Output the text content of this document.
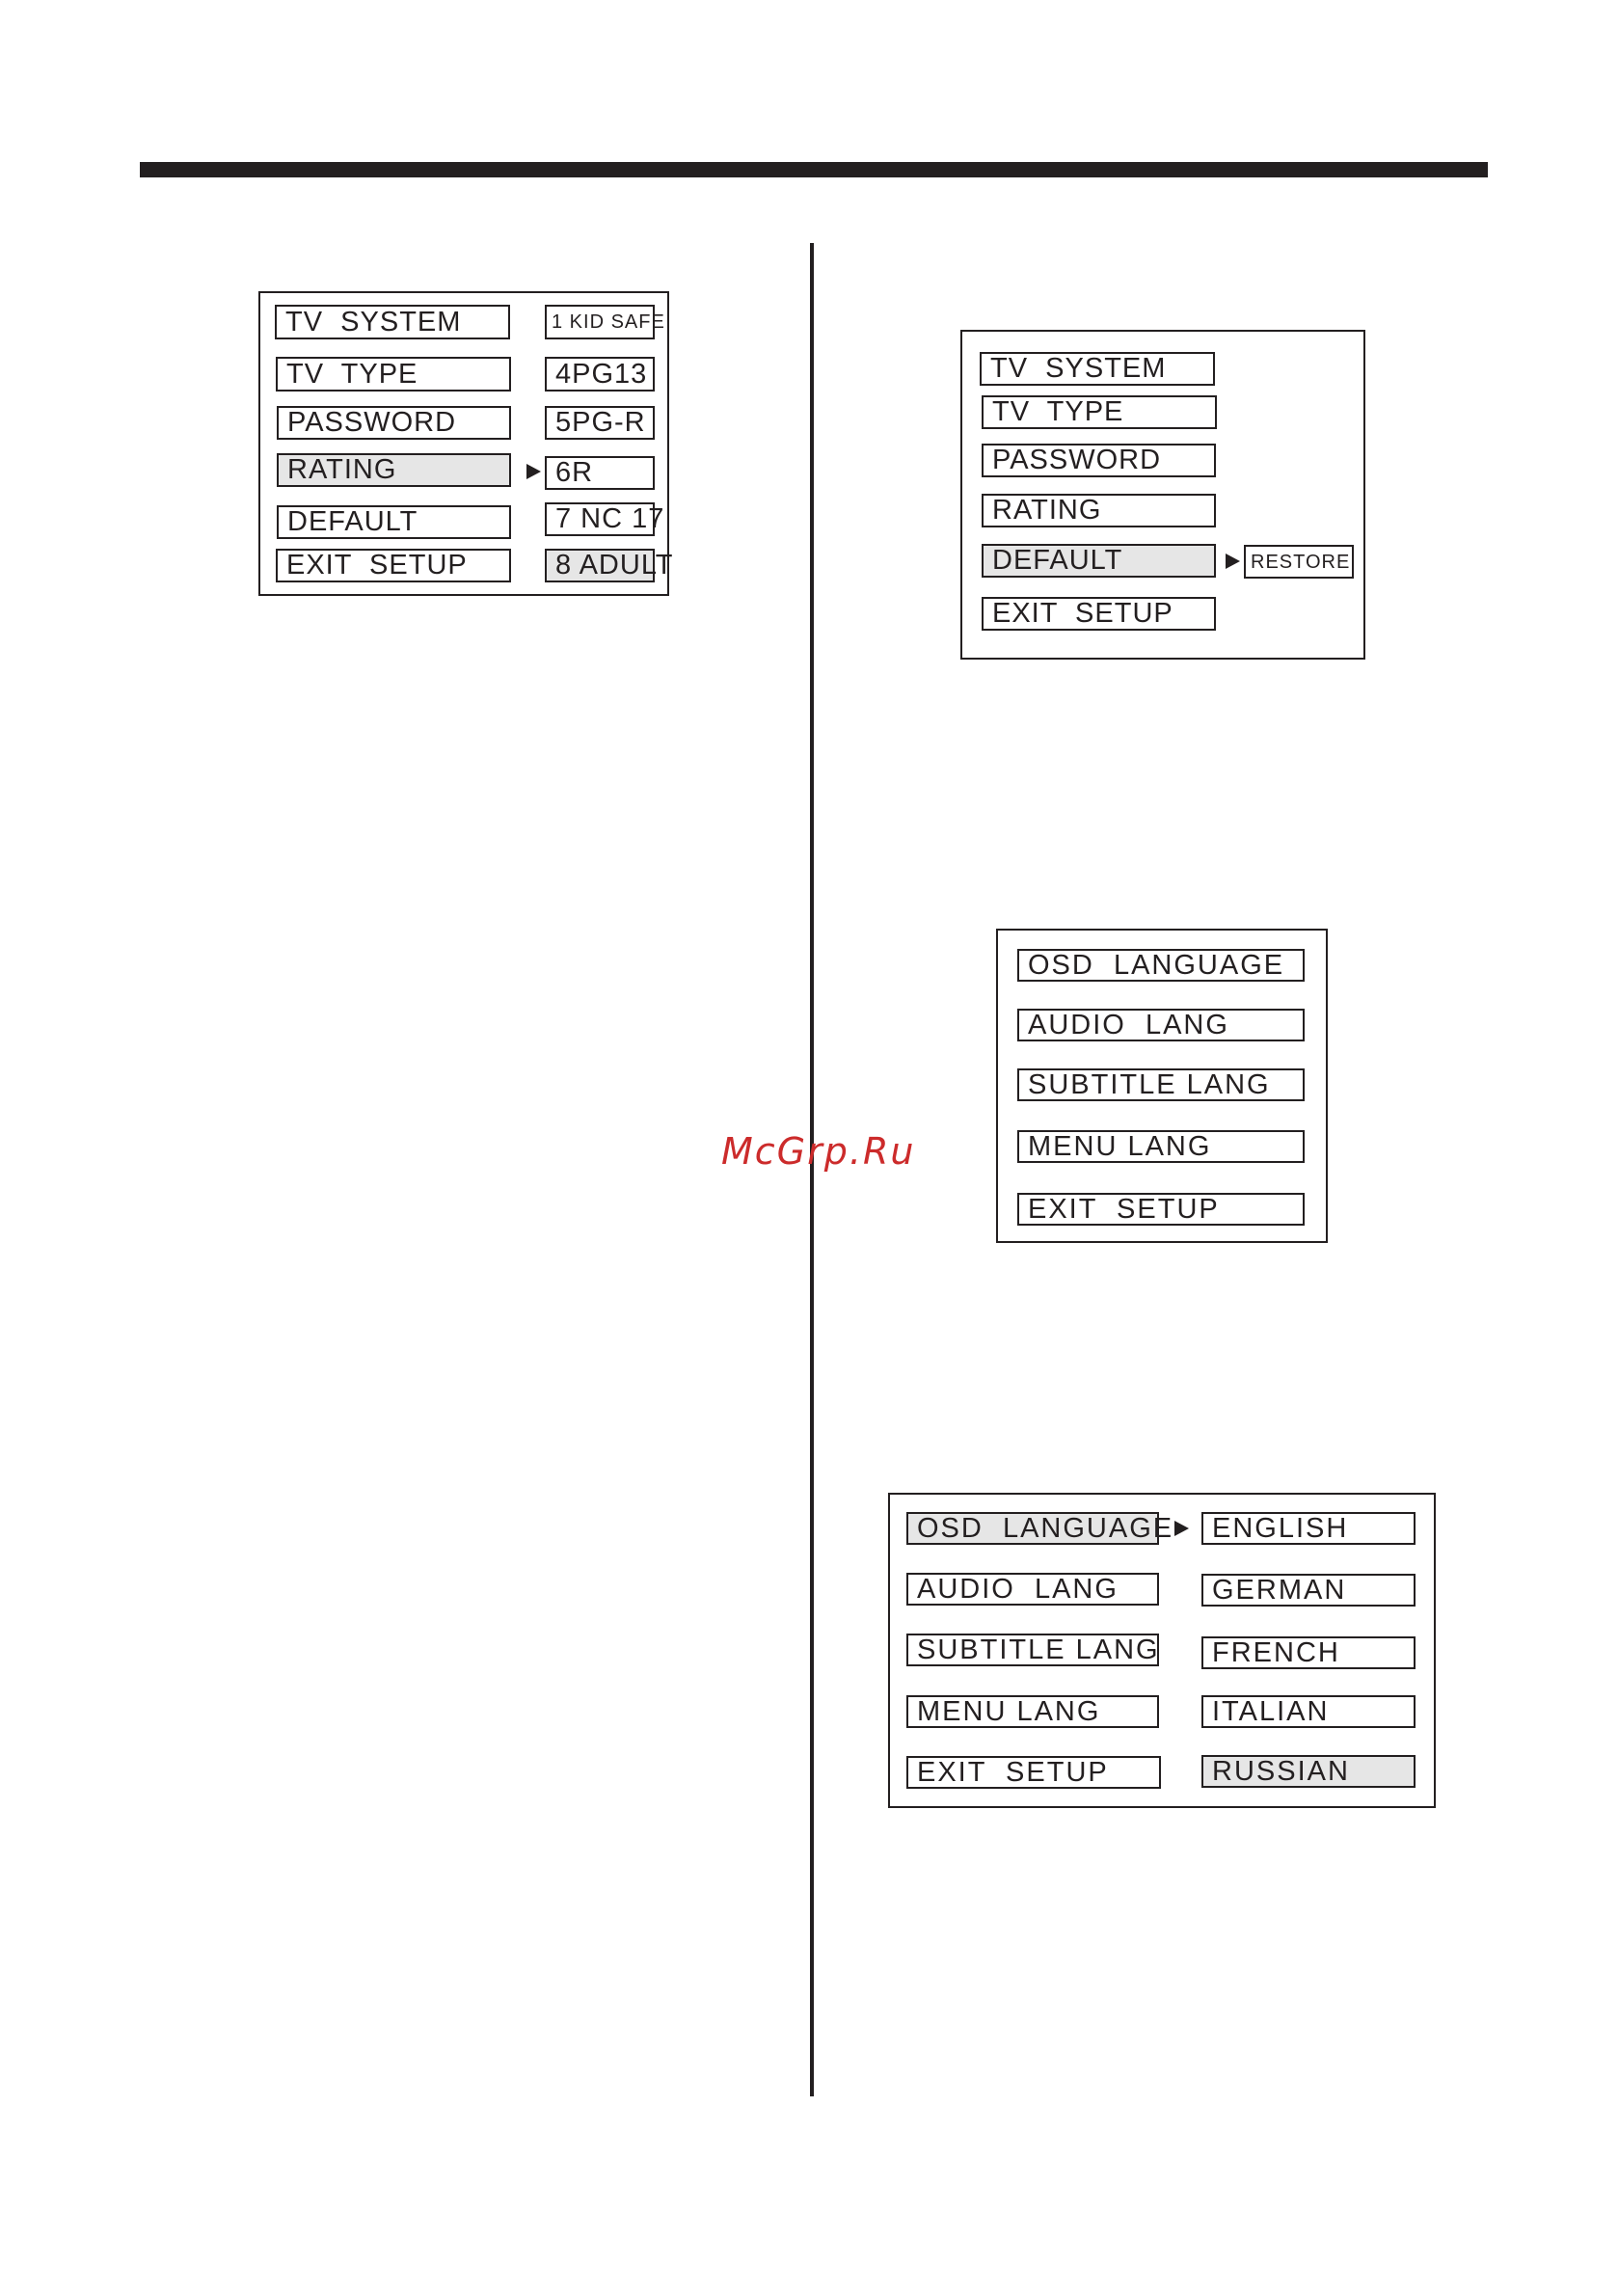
TV  SYSTEM
TV  TYPE
PASSWORD
RATING
DEFAULT
EXIT  SETUP
1 KID SAFE
4PG13
5PG-R
6R
7 NC 17
8 ADULT
TV  SYSTEM
TV  TYPE
PASSWORD
RATING
DEFAULT
EXIT  SETUP
RESTORE
OSD  LANGUAGE
AUDIO  LANG
SUBTITLE LANG
MENU LANG
EXIT  SETUP
OSD  LANGUAGE
AUDIO  LANG
SUBTITLE LANG
MENU LANG
EXIT  SETUP
ENGLISH
GERMAN
FRENCH
ITALIAN
RUSSIAN
McGrp.Ru
